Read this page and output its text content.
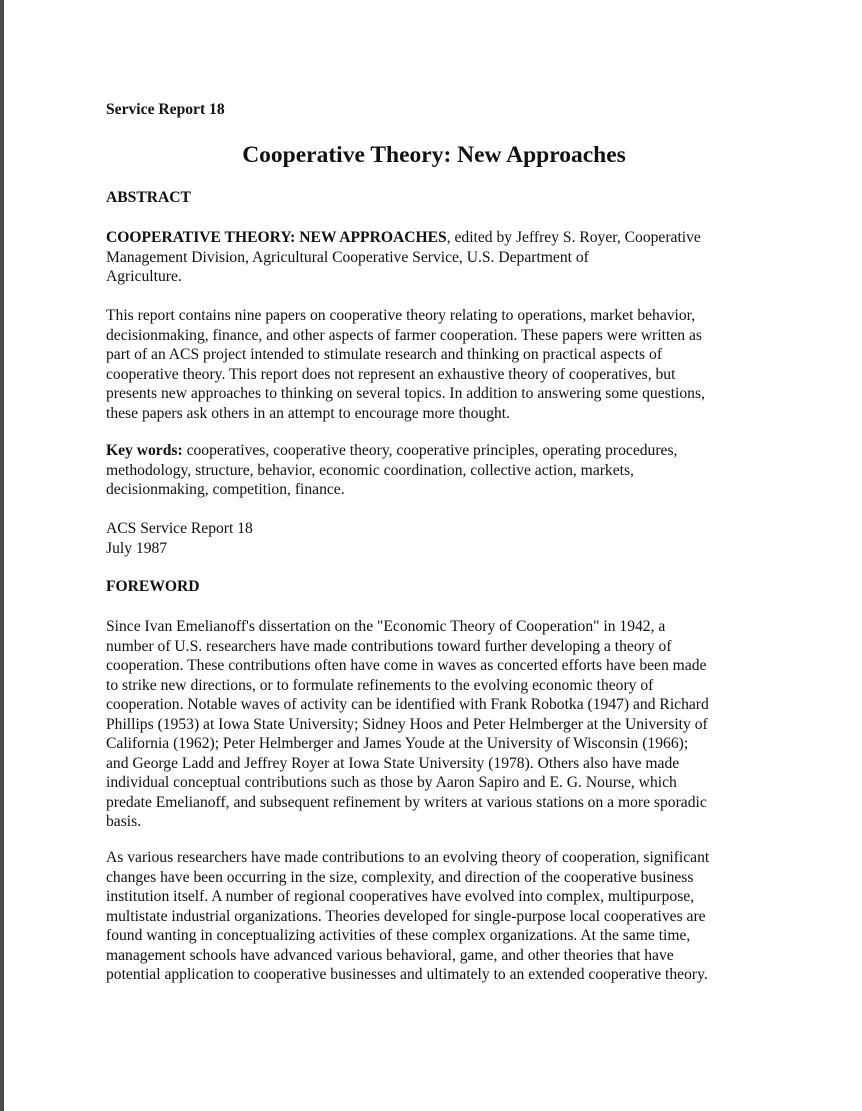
Service Report 18

Cooperative Theory: New Approaches

ABSTRACT

COOPERATIVE THEORY: NEW APPROACHES, edited by Jeffrey S. Royer, Cooperative

Management Division, Agricultural Cooperative Service, U.S. Department of

Agriculture.

This report contains nine papers on cooperative theory relating to operations, market behavior,

decisionmaking, finance, and other aspects of farmer cooperation. These papers were written as

part of an ACS project intended to stimulate research and thinking on practical aspects of

cooperative theory. This report does not represent an exhaustive theory of cooperatives, but

presents new approaches to thinking on several topics. In addition to answering some questions,

these papers ask others in an attempt to encourage more thought.

Key words: cooperatives, cooperative theory, cooperative principles, operating procedures,

methodology, structure, behavior, economic coordination, collective action, markets,

decisionmaking, competition, finance.

ACS Service Report 18

July 1987

FOREWORD

Since Ivan Emelianoff's dissertation on the "Economic Theory of Cooperation" in 1942, a

number of U.S. researchers have made contributions toward further developing a theory of

cooperation. These contributions often have come in waves as concerted efforts have been made

to strike new directions, or to formulate refinements to the evolving economic theory of

cooperation. Notable waves of activity can be identified with Frank Robotka (1947) and Richard

Phillips (1953) at Iowa State University; Sidney Hoos and Peter Helmberger at the University of

California (1962); Peter Helmberger and James Youde at the University of Wisconsin (1966);

and George Ladd and Jeffrey Royer at Iowa State University (1978). Others also have made

individual conceptual contributions such as those by Aaron Sapiro and E. G. Nourse, which

predate Emelianoff, and subsequent refinement by writers at various stations on a more sporadic

basis.

As various researchers have made contributions to an evolving theory of cooperation, significant

changes have been occurring in the size, complexity, and direction of the cooperative business

institution itself. A number of regional cooperatives have evolved into complex, multipurpose,

multistate industrial organizations. Theories developed for single-purpose local cooperatives are

found wanting in conceptualizing activities of these complex organizations. At the same time,

management schools have advanced various behavioral, game, and other theories that have

potential application to cooperative businesses and ultimately to an extended cooperative theory.
